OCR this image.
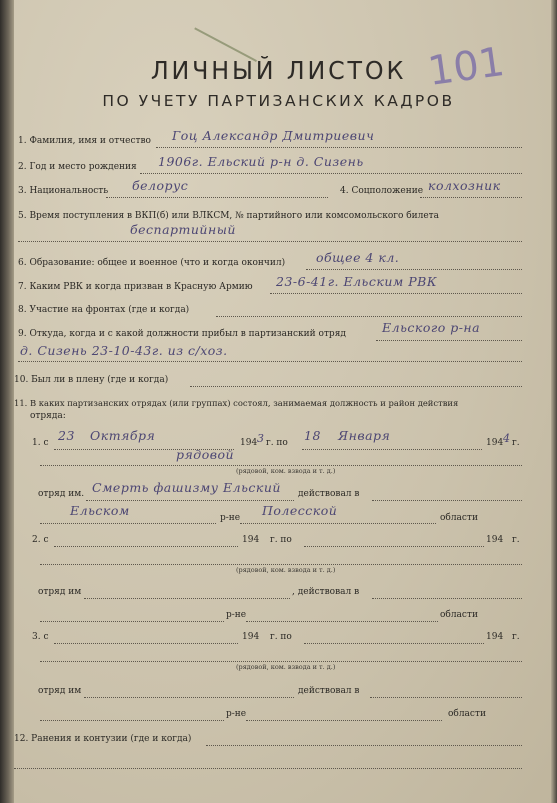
ЛИЧНЫЙ ЛИСТОК
ПО УЧЕТУ ПАРТИЗАНСКИХ КАДРОВ
101
1. Фамилия, имя и отчество Гоц Александр Дмитриевич
2. Год и место рождения 1906г. Ельский р-н д. Сизень
3. Национальность белорус	4. Соцположение колхозник
5. Время поступления в ВКП(б) или ВЛКСМ, № партийного или комсомольского билета
беспартийный
6. Образование: общее и военное (что и когда окончил) общее 4 кл.
7. Каким РВК и когда призван в Красную Армию 23-6-41г. Ельским РВК
8. Участие на фронтах (где и когда)
9. Откуда, когда и с какой должности прибыл в партизанский отряд	Ельского р-на
д. Сизень 23-10-43г. из с/хоз.
10. Был ли в плену (где и когда)
11. В каких партизанских отрядах (или группах) состоял, занимаемая должность и район действия
отряда:
1. с 23 Октября	194 3 г. по 18 Января	194 4 г.
рядовой
(рядовой, ком. взвода и т. д.)
отряд им. Смерть фашизму Ельский действовал в
Ельском	р-не Полесской	области
2. с	194 г. по	194 г.
(рядовой, ком. взвода и т. д.)
отряд им	, действовал в
р-не	области
3. с	194 г. по	194 г.
(рядовой, ком. взвода и т. д.)
отряд им	действовал в
р-не	области
12. Ранения и контузии (где и когда)
